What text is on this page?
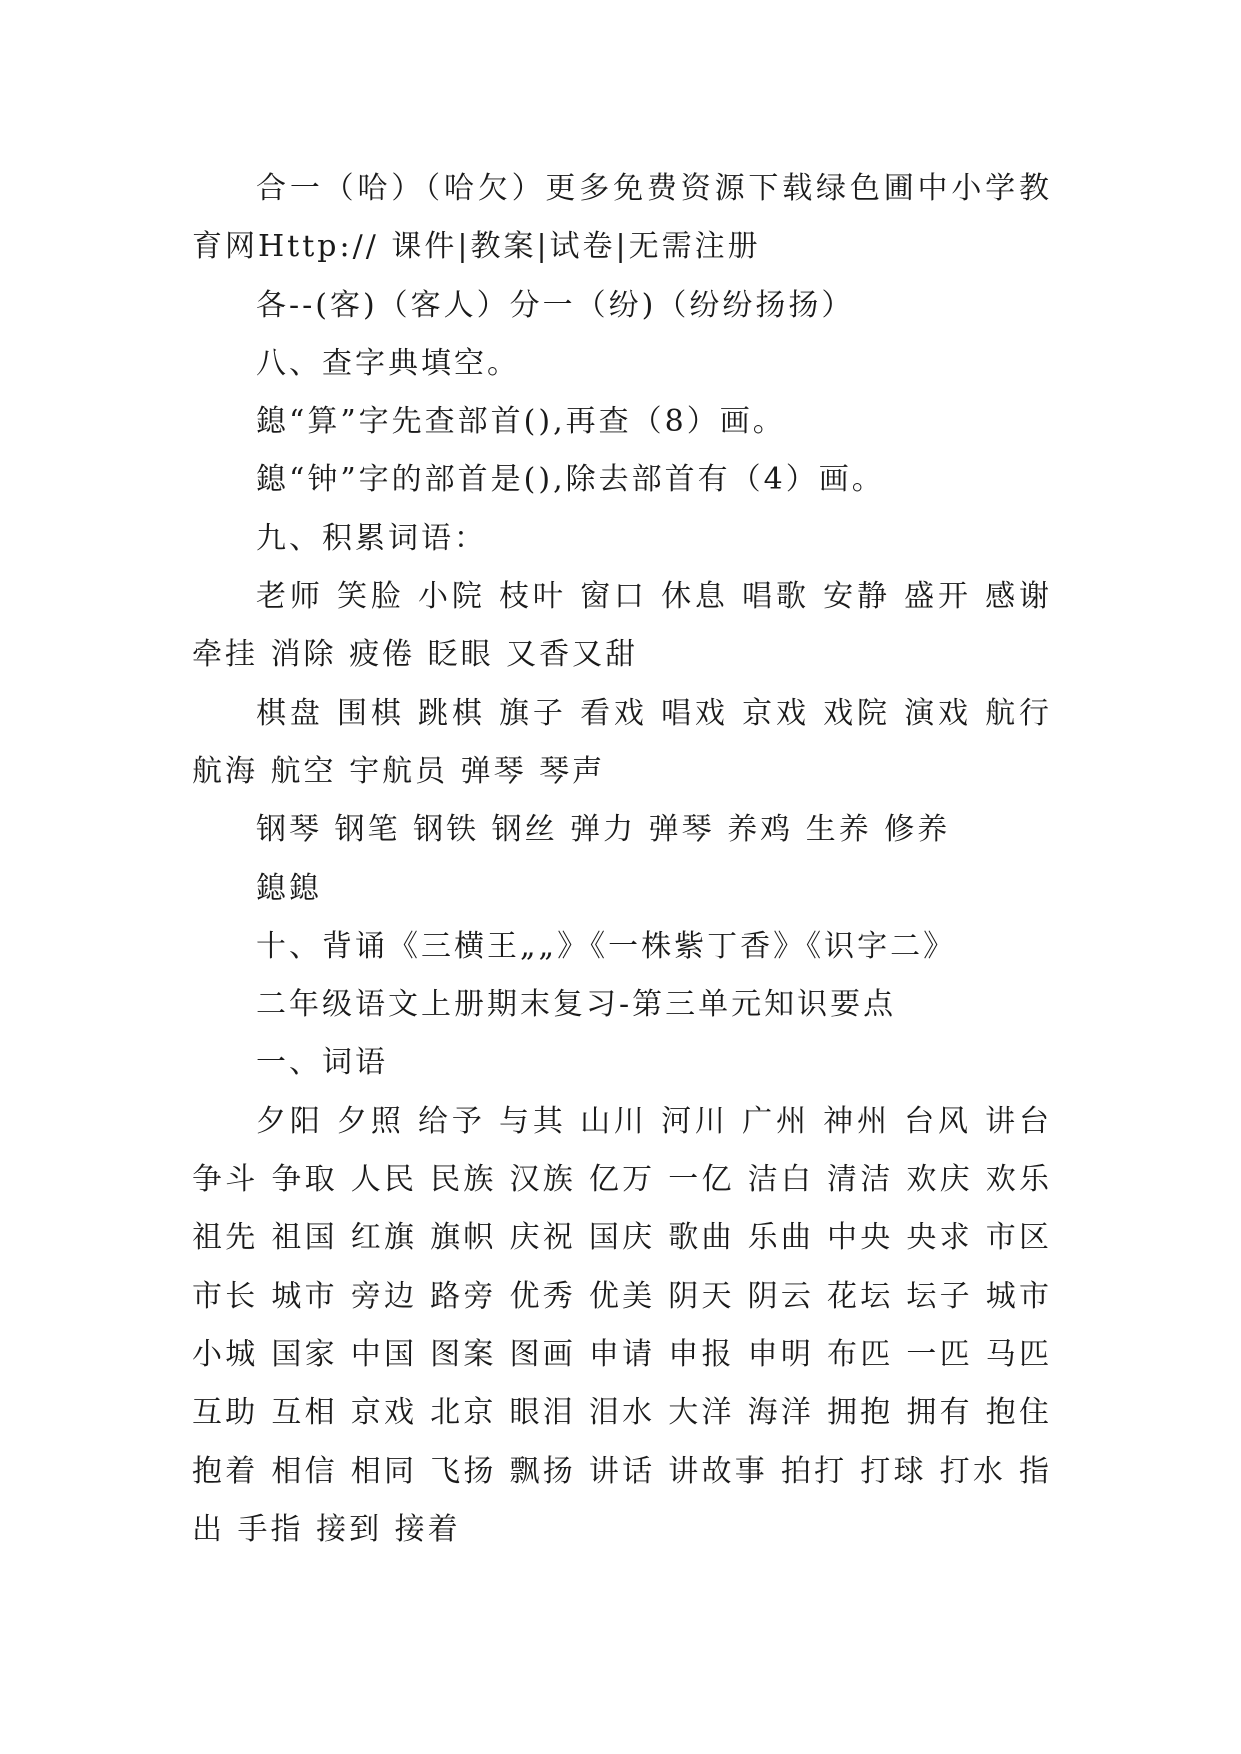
合一（哈）（哈欠）更多免费资源下载绿色圃中小学教育网Http:// 课件|教案|试卷|无需注册

各--(客)（客人）分一（纷)（纷纷扬扬）

八、查字典填空。

鎴“算”字先查部首(),再查（8）画。

鎴“钟”字的部首是(),除去部首有（4）画。

九、积累词语：

老师 笑脸 小院 枝叶 窗口 休息 唱歌 安静 盛开 感谢 牵挂 消除 疲倦 眨眼 又香又甜

棋盘 围棋 跳棋 旗子 看戏 唱戏 京戏 戏院 演戏 航行 航海 航空 宇航员 弹琴 琴声

钢琴 钢笔 钢铁 钢丝 弹力 弹琴 养鸡 生养 修养

鎴鎴

十、背诵《三横王„„》《一株紫丁香》《识字二》

二年级语文上册期末复习-第三单元知识要点

一、词语

夕阳 夕照 给予 与其 山川 河川 广州 神州 台风 讲台 争斗 争取 人民 民族 汉族 亿万 一亿 洁白 清洁 欢庆 欢乐 祖先 祖国 红旗 旗帜 庆祝 国庆 歌曲 乐曲 中央 央求 市区 市长 城市 旁边 路旁 优秀 优美 阴天 阴云 花坛 坛子 城市 小城 国家 中国 图案 图画 申请 申报 申明 布匹 一匹 马匹 互助 互相 京戏 北京 眼泪 泪水 大洋 海洋 拥抱 拥有 抱住 抱着 相信 相同 飞扬 飘扬 讲话 讲故事 拍打 打球 打水 指出 手指 接到 接着
